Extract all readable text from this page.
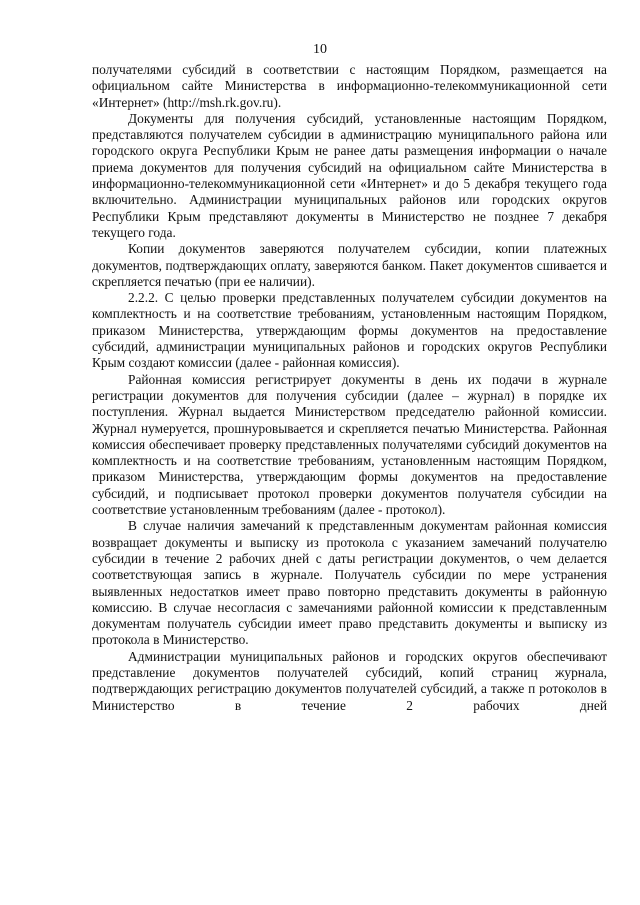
10

получателями субсидий в соответствии с настоящим Порядком, размещается на официальном сайте Министерства в информационно-телекоммуникационной сети «Интернет» (http://msh.rk.gov.ru).

Документы для получения субсидий, установленные настоящим Порядком, представляются получателем субсидии в администрацию муниципального района или городского округа Республики Крым не ранее даты размещения информации о начале приема документов для получения субсидий на официальном сайте Министерства в информационно-телекоммуникационной сети «Интернет» и до 5 декабря текущего года включительно. Администрации муниципальных районов или городских округов Республики Крым представляют документы в Министерство не позднее 7 декабря текущего года.

Копии документов заверяются получателем субсидии, копии платежных документов, подтверждающих оплату, заверяются банком. Пакет документов сшивается и скрепляется печатью (при ее наличии).

2.2.2. С целью проверки представленных получателем субсидии документов на комплектность и на соответствие требованиям, установленным настоящим Порядком, приказом Министерства, утверждающим формы документов на предоставление субсидий, администрации муниципальных районов и городских округов Республики Крым создают комиссии (далее - районная комиссия).

Районная комиссия регистрирует документы в день их подачи в журнале регистрации документов для получения субсидии (далее – журнал) в порядке их поступления. Журнал выдается Министерством председателю районной комиссии. Журнал нумеруется, прошнуровывается и скрепляется печатью Министерства. Районная комиссия обеспечивает проверку представленных получателями субсидий документов на комплектность и на соответствие требованиям, установленным настоящим Порядком, приказом Министерства, утверждающим формы документов на предоставление субсидий, и подписывает протокол проверки документов получателя субсидии на соответствие установленным требованиям (далее - протокол).

В случае наличия замечаний к представленным документам районная комиссия возвращает документы и выписку из протокола с указанием замечаний получателю субсидии в течение 2 рабочих дней с даты регистрации документов, о чем делается соответствующая запись в журнале. Получатель субсидии по мере устранения выявленных недостатков имеет право повторно представить документы в районную комиссию. В случае несогласия с замечаниями районной комиссии к представленным документам получатель субсидии имеет право представить документы и выписку из протокола в Министерство.

Администрации муниципальных районов и городских округов обеспечивают представление документов получателей субсидий, копий страниц журнала, подтверждающих регистрацию документов получателей субсидий, а также п ротоколов в Министерство в течение 2 рабочих дней
